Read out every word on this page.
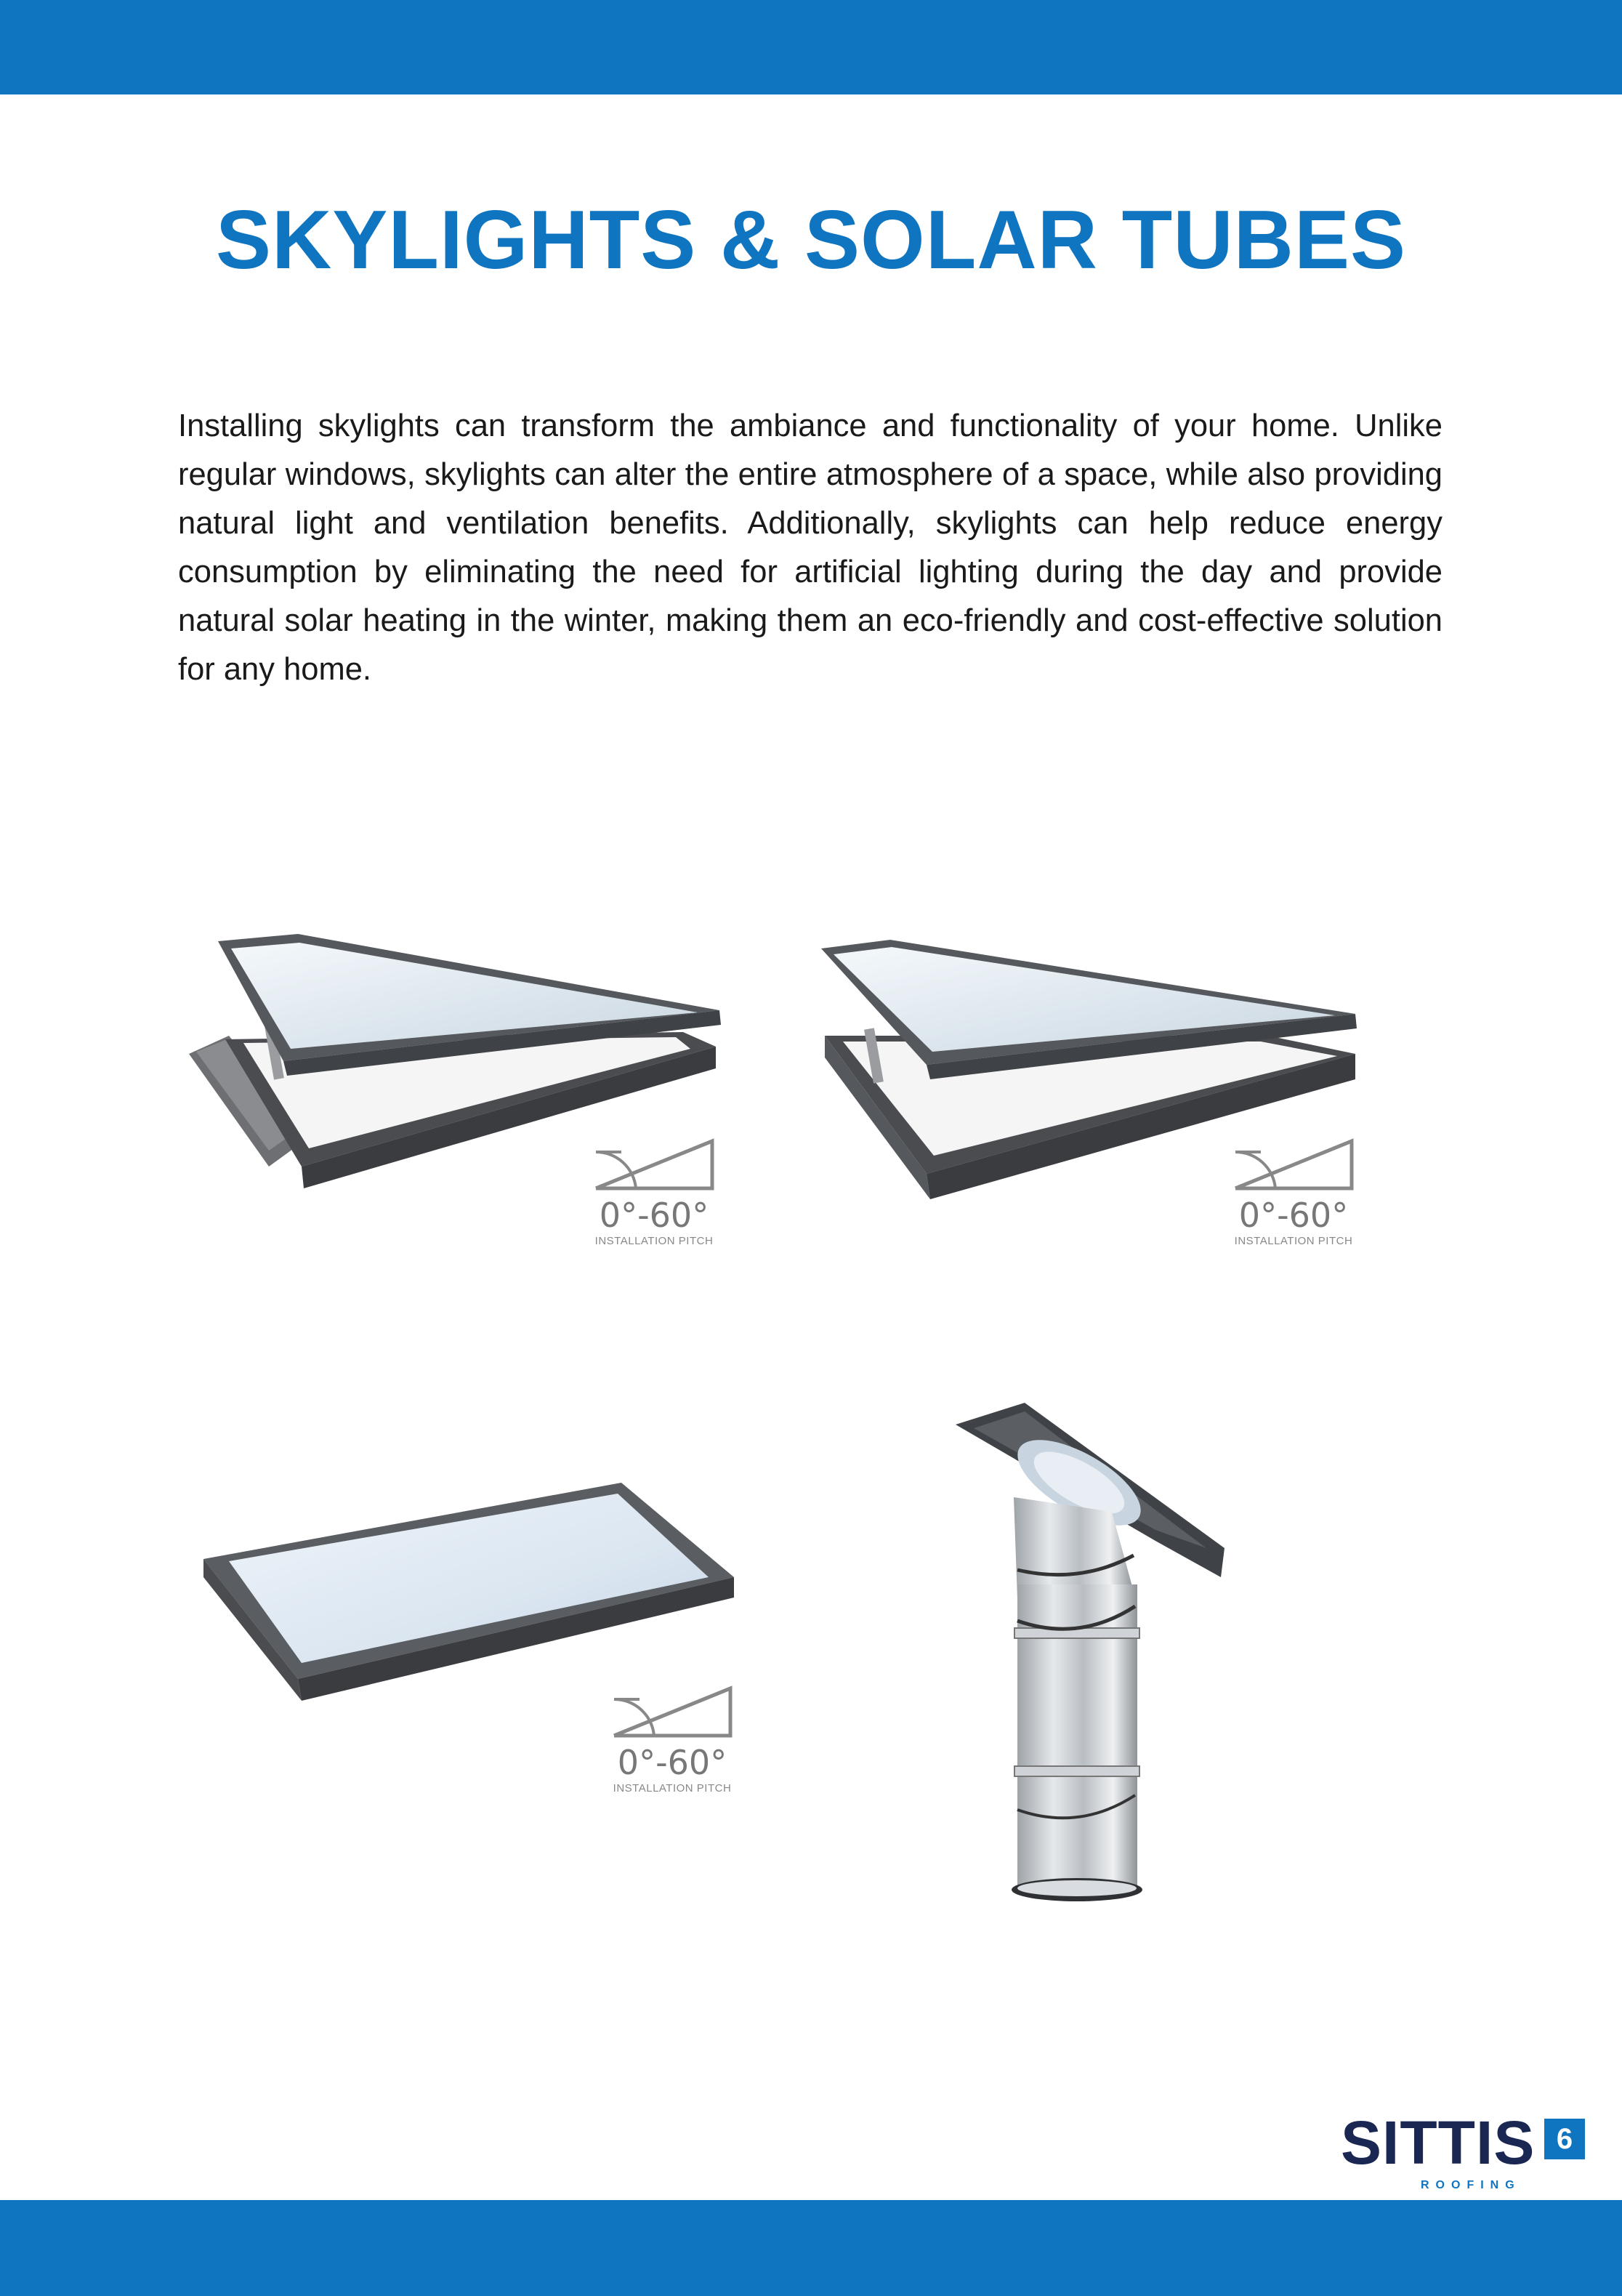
SKYLIGHTS & SOLAR TUBES

Installing skylights can transform the ambiance and functionality of your home. Unlike regular windows, skylights can alter the entire atmosphere of a space, while also providing natural light and ventilation benefits. Additionally, skylights can help reduce energy consumption by eliminating the need for artificial lighting during the day and provide natural solar heating in the winter, making them an eco-friendly and cost-effective solution for any home.

0°-60°
INSTALLATION PITCH
0°-60°
INSTALLATION PITCH
0°-60°
INSTALLATION PITCH
SITTIS
ROOFING
6
